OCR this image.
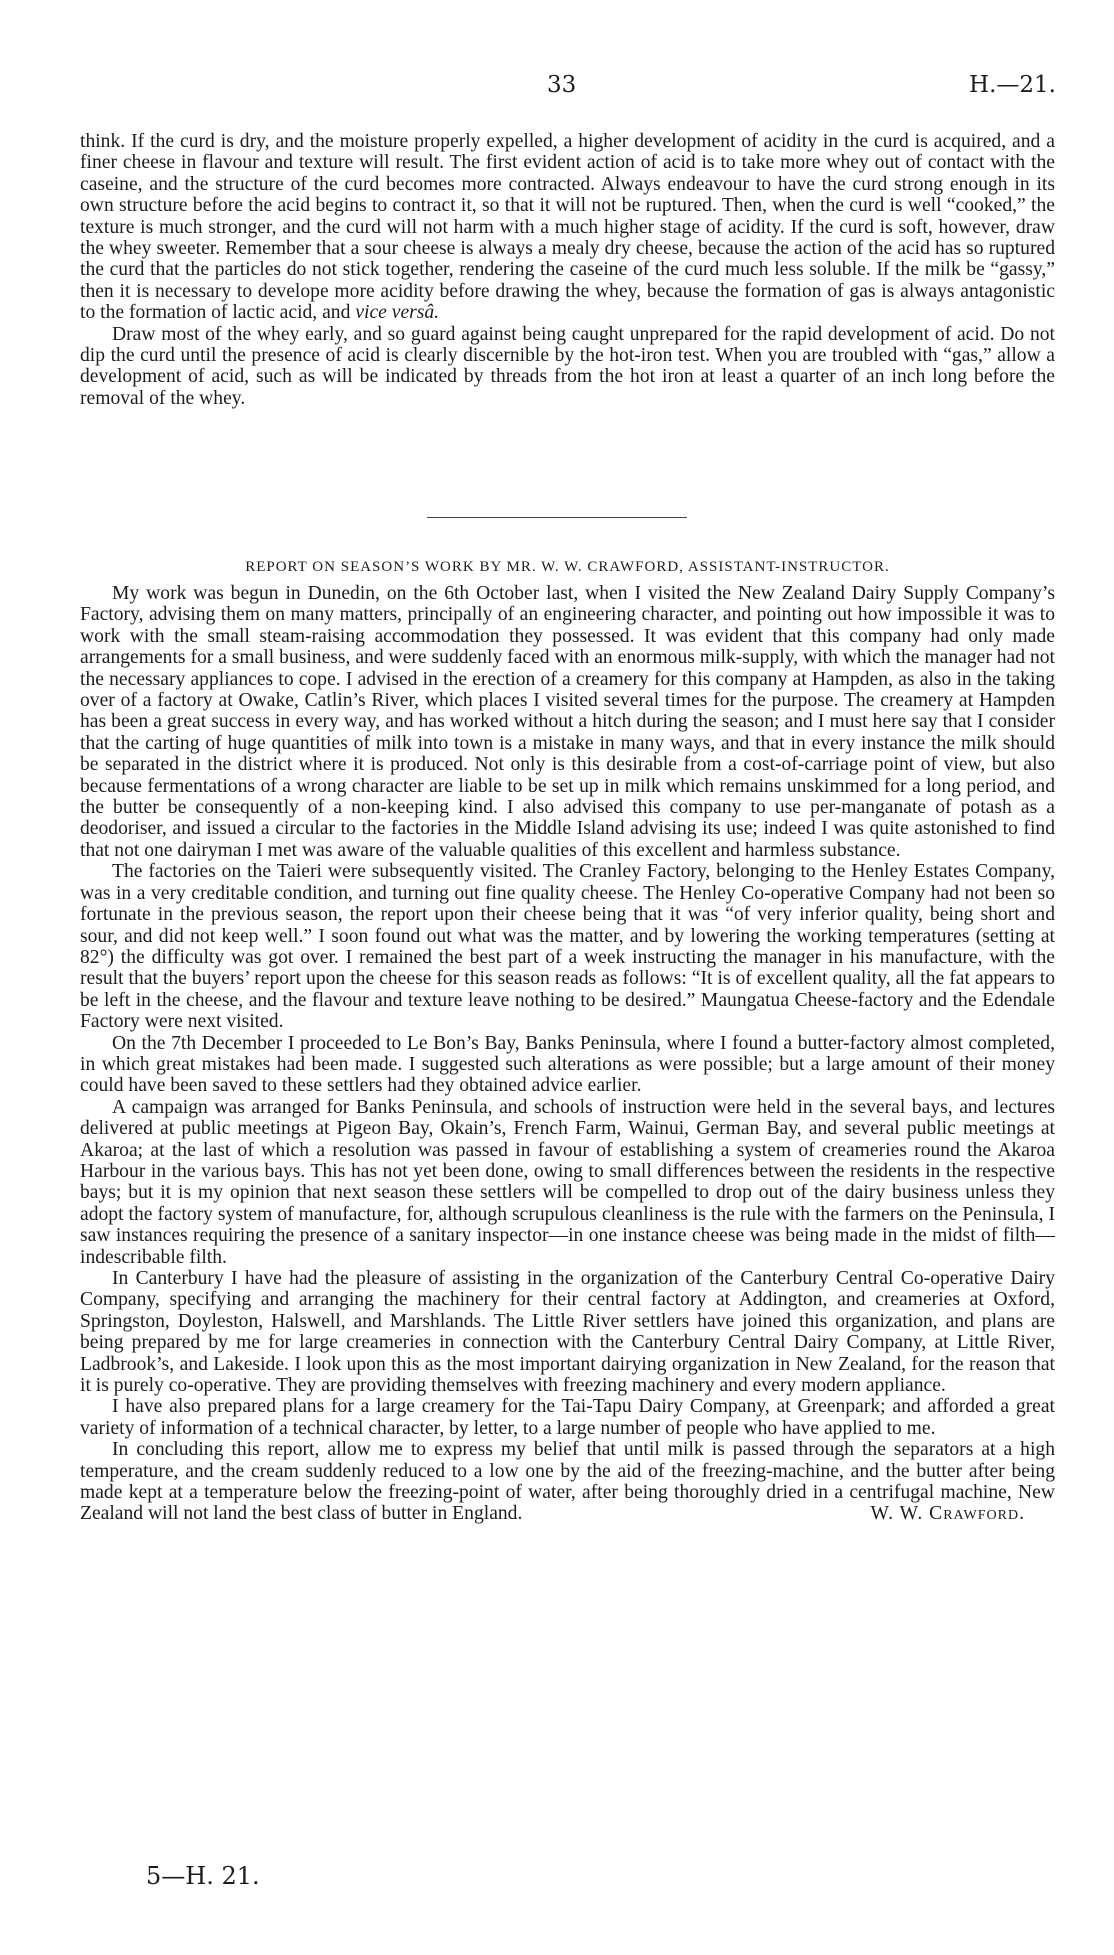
33	H.—21.

think. If the curd is dry, and the moisture properly expelled, a higher development of acidity in the curd is acquired, and a finer cheese in flavour and texture will result. The first evident action of acid is to take more whey out of contact with the caseine, and the structure of the curd becomes more contracted. Always endeavour to have the curd strong enough in its own structure before the acid begins to contract it, so that it will not be ruptured. Then, when the curd is well “cooked,” the texture is much stronger, and the curd will not harm with a much higher stage of acidity. If the curd is soft, however, draw the whey sweeter. Remember that a sour cheese is always a mealy dry cheese, because the action of the acid has so ruptured the curd that the particles do not stick together, rendering the caseine of the curd much less soluble. If the milk be “gassy,” then it is necessary to develope more acidity before drawing the whey, because the formation of gas is always antagonistic to the formation of lactic acid, and vice versâ.

Draw most of the whey early, and so guard against being caught unprepared for the rapid development of acid. Do not dip the curd until the presence of acid is clearly discernible by the hot-iron test. When you are troubled with “gas,” allow a development of acid, such as will be indicated by threads from the hot iron at least a quarter of an inch long before the removal of the whey.

REPORT ON SEASON’S WORK BY MR. W. W. CRAWFORD, ASSISTANT-INSTRUCTOR.

My work was begun in Dunedin, on the 6th October last, when I visited the New Zealand Dairy Supply Company’s Factory, advising them on many matters, principally of an engineering character, and pointing out how impossible it was to work with the small steam-raising accommodation they possessed. It was evident that this company had only made arrangements for a small business, and were suddenly faced with an enormous milk-supply, with which the manager had not the necessary appliances to cope. I advised in the erection of a creamery for this company at Hampden, as also in the taking over of a factory at Owake, Catlin’s River, which places I visited several times for the purpose. The creamery at Hampden has been a great success in every way, and has worked without a hitch during the season; and I must here say that I consider that the carting of huge quantities of milk into town is a mistake in many ways, and that in every instance the milk should be separated in the district where it is produced. Not only is this desirable from a cost-of-carriage point of view, but also because fermentations of a wrong character are liable to be set up in milk which remains unskimmed for a long period, and the butter be consequently of a non-keeping kind. I also advised this company to use per-manganate of potash as a deodoriser, and issued a circular to the factories in the Middle Island advising its use; indeed I was quite astonished to find that not one dairyman I met was aware of the valuable qualities of this excellent and harmless substance.

The factories on the Taieri were subsequently visited. The Cranley Factory, belonging to the Henley Estates Company, was in a very creditable condition, and turning out fine quality cheese. The Henley Co-operative Company had not been so fortunate in the previous season, the report upon their cheese being that it was “of very inferior quality, being short and sour, and did not keep well.” I soon found out what was the matter, and by lowering the working temperatures (setting at 82°) the difficulty was got over. I remained the best part of a week instructing the manager in his manufacture, with the result that the buyers’ report upon the cheese for this season reads as follows: “It is of excellent quality, all the fat appears to be left in the cheese, and the flavour and texture leave nothing to be desired.” Maungatua Cheese-factory and the Edendale Factory were next visited.

On the 7th December I proceeded to Le Bon’s Bay, Banks Peninsula, where I found a butter-factory almost completed, in which great mistakes had been made. I suggested such alterations as were possible; but a large amount of their money could have been saved to these settlers had they obtained advice earlier.

A campaign was arranged for Banks Peninsula, and schools of instruction were held in the several bays, and lectures delivered at public meetings at Pigeon Bay, Okain’s, French Farm, Wainui, German Bay, and several public meetings at Akaroa; at the last of which a resolution was passed in favour of establishing a system of creameries round the Akaroa Harbour in the various bays. This has not yet been done, owing to small differences between the residents in the respective bays; but it is my opinion that next season these settlers will be compelled to drop out of the dairy business unless they adopt the factory system of manufacture, for, although scrupulous cleanliness is the rule with the farmers on the Peninsula, I saw instances requiring the presence of a sanitary inspector—in one instance cheese was being made in the midst of filth—indescribable filth.

In Canterbury I have had the pleasure of assisting in the organization of the Canterbury Central Co-operative Dairy Company, specifying and arranging the machinery for their central factory at Addington, and creameries at Oxford, Springston, Doyleston, Halswell, and Marshlands. The Little River settlers have joined this organization, and plans are being prepared by me for large creameries in connection with the Canterbury Central Dairy Company, at Little River, Ladbrook’s, and Lakeside. I look upon this as the most important dairying organization in New Zealand, for the reason that it is purely co-operative. They are providing themselves with freezing machinery and every modern appliance.

I have also prepared plans for a large creamery for the Tai-Tapu Dairy Company, at Greenpark; and afforded a great variety of information of a technical character, by letter, to a large number of people who have applied to me.

In concluding this report, allow me to express my belief that until milk is passed through the separators at a high temperature, and the cream suddenly reduced to a low one by the aid of the freezing-machine, and the butter after being made kept at a temperature below the freezing-point of water, after being thoroughly dried in a centrifugal machine, New Zealand will not land the best class of butter in England.	W. W. Crawford.
5—H. 21.
